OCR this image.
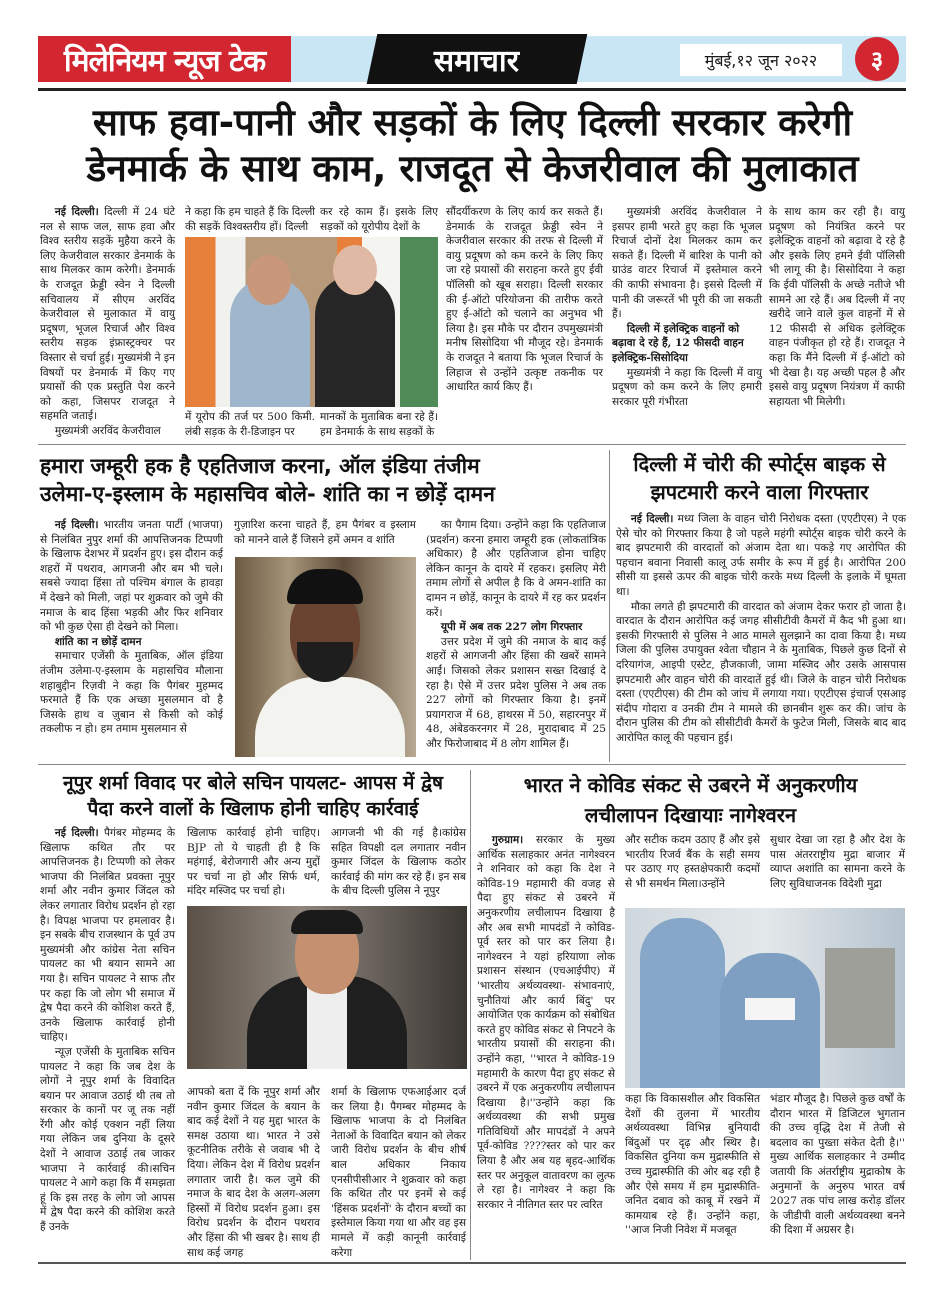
मिलेनियम न्यूज टेक	समाचार	मुंबई,१२ जून २०२२	३
साफ हवा-पानी और सड़कों के लिए दिल्ली सरकार करेगी
डेनमार्क के साथ काम, राजदूत से केजरीवाल की मुलाकात

नई दिल्ली। दिल्ली में 24 घंटे नल से साफ जल, साफ हवा और विश्व स्तरीय सड़कें मुहैया करने के लिए केजरीवाल सरकार डेनमार्क के साथ मिलकर काम करेगी। डेनमार्क के राजदूत फ्रेड्डी स्वेन ने दिल्ली सचिवालय में सीएम अरविंद केजरीवाल से मुलाकात में वायु प्रदूषण, भूजल रिचार्ज और विश्व स्तरीय सड़क इंफ्रास्ट्रक्चर पर विस्तार से चर्चा हुई। मुख्यमंत्री ने इन विषयों पर डेनमार्क में किए गए प्रयासों की एक प्रस्तुति पेश करने को कहा, जिसपर राजदूत ने सहमति जताई।

मुख्यमंत्री अरविंद केजरीवाल

ने कहा कि हम चाहते हैं कि दिल्ली की सड़कें विश्वस्तरीय हों। दिल्ली
कर रहे काम हैं। इसके लिए सड़कों को यूरोपीय देशों के
में यूरोप की तर्ज पर 500 किमी. लंबी सड़क के री-डिजाइन पर
मानकों के मुताबिक बना रहे हैं। हम डेनमार्क के साथ सड़कों के
सौंदर्यीकरण के लिए कार्य कर सकते हैं। डेनमार्क के राजदूत फ्रेड्डी स्वेन ने केजरीवाल सरकार की तरफ से दिल्ली में वायु प्रदूषण को कम करने के लिए किए जा रहे प्रयासों की सराहना करते हुए ईवी पॉलिसी को खूब सराहा। दिल्ली सरकार की ई-ऑटो परियोजना की तारीफ करते हुए ई-ऑटो को चलाने का अनुभव भी लिया है। इस मौके पर दौरान उपमुख्यमंत्री मनीष सिसोदिया भी मौजूद रहे। डेनमार्क के राजदूत ने बताया कि भूजल रिचार्ज के लिहाज से उन्होंने उत्कृष्ट तकनीक पर आधारित कार्य किए हैं।

मुख्यमंत्री अरविंद केजरीवाल ने इसपर हामी भरते हुए कहा कि भूजल रिचार्ज दोनों देश मिलकर काम कर सकते हैं। दिल्ली में बारिश के पानी को ग्राउंड वाटर रिचार्ज में इस्तेमाल करने की काफी संभावना है। इससे दिल्ली में पानी की जरूरतें भी पूरी की जा सकती हैं।

दिल्ली में इलेक्ट्रिक वाहनों को बढ़ावा दे रहे हैं, 12 फीसदी वाहन इलेक्ट्रिक-सिसोदिया

मुख्यमंत्री ने कहा कि दिल्ली में वायु प्रदूषण को कम करने के लिए हमारी सरकार पूरी गंभीरता

के साथ काम कर रही है। वायु प्रदूषण को नियंत्रित करने पर इलेक्ट्रिक वाहनों को बढ़ावा दे रहे है और इसके लिए हमने ईवी पॉलिसी भी लागू की है। सिसोदिया ने कहा कि ईवी पॉलिसी के अच्छे नतीजे भी सामने आ रहे हैं। अब दिल्ली में नए खरीदे जाने वाले कुल वाहनों में से 12 फीसदी से अधिक इलेक्ट्रिक वाहन पंजीकृत हो रहे हैं। राजदूत ने कहा कि मैंने दिल्ली में ई-ऑटो को भी देखा है। यह अच्छी पहल है और इससे वायु प्रदूषण नियंत्रण में काफी सहायता भी मिलेगी।
हमारा जम्हूरी हक है एहतिजाज करना, ऑल इंडिया तंजीम
उलेमा-ए-इस्लाम के महासचिव बोले- शांति का न छोड़ें दामन

नई दिल्ली। भारतीय जनता पार्टी (भाजपा) से निलंबित नुपुर शर्मा की आपत्तिजनक टिप्पणी के खिलाफ देशभर में प्रदर्शन हुए। इस दौरान कई शहरों में पथराव, आगजनी और बम भी चले। सबसे ज्यादा हिंसा तो पश्चिम बंगाल के हावड़ा में देखने को मिली, जहां पर शुक्रवार को जुमे की नमाज के बाद हिंसा भड़की और फिर शनिवार को भी कुछ ऐसा ही देखने को मिला।

शांति का न छोड़ें दामन

समाचार एजेंसी के मुताबिक, ऑल इंडिया तंजीम उलेमा-ए-इस्लाम के महासचिव मौलाना शहाबुद्दीन रिज़वी ने कहा कि पैगंबर मुहम्मद फरमाते हैं कि एक अच्छा मुसलमान वो है जिसके हाथ व ज़ुबान से किसी को कोई तकलीफ न हो। हम तमाम मुसलमान से

गुज़ारिश करना चाहते हैं, हम पैगंबर व इस्लाम को मानने वाले हैं जिसने हमें अमन व शांति

का पैगाम दिया। उन्होंने कहा कि एहतिजाज (प्रदर्शन) करना हमारा जम्हूरी हक (लोकतांत्रिक अधिकार) है और एहतिजाज होना चाहिए लेकिन कानून के दायरे में रहकर। इसलिए मेरी तमाम लोगों से अपील है कि वे अमन-शांति का दामन न छोड़ें, कानून के दायरे में रह कर प्रदर्शन करें।

यूपी में अब तक 227 लोग गिरफ्तार

उत्तर प्रदेश में जुमे की नमाज के बाद कई शहरों से आगजनी और हिंसा की खबरें सामने आईं। जिसको लेकर प्रशासन सख्त दिखाई दे रहा है। ऐसे में उत्तर प्रदेश पुलिस ने अब तक 227 लोगों को गिरफ्तार किया है। इनमें प्रयागराज में 68, हाथरस में 50, सहारनपुर में 48, अंबेडकरनगर में 28, मुरादाबाद में 25 और फिरोजाबाद में 8 लोग शामिल हैं।

दिल्ली में चोरी की स्पोर्ट्स बाइक से
झपटमारी करने वाला गिरफ्तार

नई दिल्ली। मध्य जिला के वाहन चोरी निरोधक दस्ता (एएटीएस) ने एक ऐसे चोर को गिरफ्तार किया है जो पहले महंगी स्पोर्ट्स बाइक चोरी करने के बाद झपटमारी की वारदातों को अंजाम देता था। पकड़े गए आरोपित की पहचान बवाना निवासी कालू उर्फ समीर के रूप में हुई है। आरोपित 200 सीसी या इससे ऊपर की बाइक चोरी करके मध्य दिल्ली के इलाके में घूमता था।

मौका लगते ही झपटमारी की वारदात को अंजाम देकर फरार हो जाता है। वारदात के दौरान आरोपित कई जगह सीसीटीवी कैमरों में कैद भी हुआ था। इसकी गिरफ्तारी से पुलिस ने आठ मामले सुलझाने का दावा किया है। मध्य जिला की पुलिस उपायुक्त श्वेता चौहान ने के मुताबिक, पिछले कुछ दिनों से दरियागंज, आइपी एस्टेट, हौजकाजी, जामा मस्जिद और उसके आसपास झपटमारी और वाहन चोरी की वारदातें हुई थी। जिले के वाहन चोरी निरोधक दस्ता (एएटीएस) की टीम को जांच में लगाया गया। एएटीएस इंचार्ज एसआइ संदीप गोदारा व उनकी टीम ने मामले की छानबीन शुरू कर की। जांच के दौरान पुलिस की टीम को सीसीटीवी कैमरों के फुटेज मिली, जिसके बाद बाद आरोपित कालू की पहचान हुई।

नूपुर शर्मा विवाद पर बोले सचिन पायलट- आपस में द्वेष
पैदा करने वालों के खिलाफ होनी चाहिए कार्रवाई

नई दिल्ली। पैगंबर मोहम्मद के खिलाफ कथित तौर पर आपत्तिजनक है। टिप्पणी को लेकर भाजपा की निलंबित प्रवक्ता नूपुर शर्मा और नवीन कुमार जिंदल को लेकर लगातार विरोध प्रदर्शन हो रहा है। विपक्ष भाजपा पर हमलावर है। इन सबके बीच राजस्थान के पूर्व उप मुख्यमंत्री और कांग्रेस नेता सचिन पायलट का भी बयान सामने आ गया है। सचिन पायलट ने साफ तौर पर कहा कि जो लोग भी समाज में द्वेष पैदा करने की कोशिश करते हैं, उनके खिलाफ कार्रवाई होनी चाहिए।

न्यूज़ एजेंसी के मुताबिक सचिन पायलट ने कहा कि जब देश के लोगों ने नूपुर शर्मा के विवादित बयान पर आवाज उठाई थी तब तो सरकार के कानों पर जू तक नहीं रेंगी और कोई एक्शन नहीं लिया गया लेकिन जब दुनिया के दूसरे देशों ने आवाज उठाई तब जाकर भाजपा ने कार्रवाई की।सचिन पायलट ने आगे कहा कि मैं समझता हूं कि इस तरह के लोग जो आपस में द्वेष पैदा करने की कोशिश करते हैं उनके

खिलाफ कार्रवाई होनी चाहिए। BJP तो ये चाहती ही है कि महंगाई, बेरोजगारी और अन्य मुद्दों पर चर्चा ना हो और सिर्फ धर्म, मंदिर मस्जिद पर चर्चा हो।
आगजनी भी की गई है।कांग्रेस सहित विपक्षी दल लगातार नवीन कुमार जिंदल के खिलाफ कठोर कार्रवाई की मांग कर रहे हैं। इन सब के बीच दिल्ली पुलिस ने नूपुर
आपको बता दें कि नूपुर शर्मा और नवीन कुमार जिंदल के बयान के बाद कई देशों ने यह मुद्दा भारत के समक्ष उठाया था। भारत ने उसे कूटनीतिक तरीके से जवाब भी दे दिया। लेकिन देश में विरोध प्रदर्शन लगातार जारी है। कल जुमे की नमाज के बाद देश के अलग-अलग हिस्सों में विरोध प्रदर्शन हुआ। इस विरोध प्रदर्शन के दौरान पथराव और हिंसा की भी खबर है। साथ ही साथ कई जगह
शर्मा के खिलाफ एफआईआर दर्ज कर लिया है। पैगम्बर मोहम्मद के खिलाफ भाजपा के दो निलंबित नेताओं के विवादित बयान को लेकर जारी विरोध प्रदर्शन के बीच शीर्ष बाल अधिकार निकाय एनसीपीसीआर ने शुक्रवार को कहा कि कथित तौर पर इनमें से कई 'हिंसक प्रदर्शनों' के दौरान बच्चों का इस्तेमाल किया गया था और वह इस मामले में कड़ी कानूनी कार्रवाई करेगा
भारत ने कोविड संकट से उबरने में अनुकरणीय
लचीलापन दिखायाः नागेश्वरन

गुरुग्राम। सरकार के मुख्य आर्थिक सलाहकार अनंत नागेश्वरन ने शनिवार को कहा कि देश ने कोविड-19 महामारी की वजह से पैदा हुए संकट से उबरने में अनुकरणीय लचीलापन दिखाया है और अब सभी मापदंडों ने कोविड-पूर्व स्तर को पार कर लिया है। नागेश्वरन ने यहां हरियाणा लोक प्रशासन संस्थान (एचआईपीए) में 'भारतीय अर्थव्यवस्था- संभावनाएं, चुनौतियां और कार्य बिंदु' पर आयोजित एक कार्यक्रम को संबोधित करते हुए कोविड संकट से निपटने के भारतीय प्रयासों की सराहना की। उन्होंने कहा, ''भारत ने कोविड-19 महामारी के कारण पैदा हुए संकट से उबरने में एक अनुकरणीय लचीलापन दिखाया है।''उन्होंने कहा कि अर्थव्यवस्था की सभी प्रमुख गतिविधियों और मापदंडों ने अपने पूर्व-कोविड ????स्तर को पार कर लिया है और अब यह बृहद-आर्थिक स्तर पर अनुकूल वातावरण का लुत्फ ले रहा है। नागेश्वर ने कहा कि सरकार ने नीतिगत स्तर पर त्वरित

और सटीक कदम उठाए हैं और इसे भारतीय रिजर्व बैंक के सही समय पर उठाए गए हस्तक्षेपकारी कदमों से भी समर्थन मिला।उन्होंने
सुधार देखा जा रहा है और देश के पास अंतरराष्ट्रीय मुद्रा बाजार में व्याप्त अशांति का सामना करने के लिए सुविधाजनक विदेशी मुद्रा
कहा कि विकासशील और विकसित देशों की तुलना में भारतीय अर्थव्यवस्था विभिन्न बुनियादी बिंदुओं पर दृढ़ और स्थिर है। विकसित दुनिया कम मुद्रास्फीति से उच्च मुद्रास्फीति की ओर बढ़ रही है और ऐसे समय में हम मुद्रास्फीति-जनित दबाव को काबू में रखने में कामयाब रहे हैं। उन्होंने कहा, ''आज निजी निवेश में मजबूत
भंडार मौजूद है। पिछले कुछ वर्षों के दौरान भारत में डिजिटल भुगतान की उच्च वृद्धि देश में तेजी से बदलाव का पुख्ता संकेत देती है।'' मुख्य आर्थिक सलाहकार ने उम्मीद जतायी कि अंतर्राष्ट्रीय मुद्राकोष के अनुमानों के अनुरुप भारत वर्ष 2027 तक पांच लाख करोड़ डॉलर के जीडीपी वाली अर्थव्यवस्था बनने की दिशा में अग्रसर है।
